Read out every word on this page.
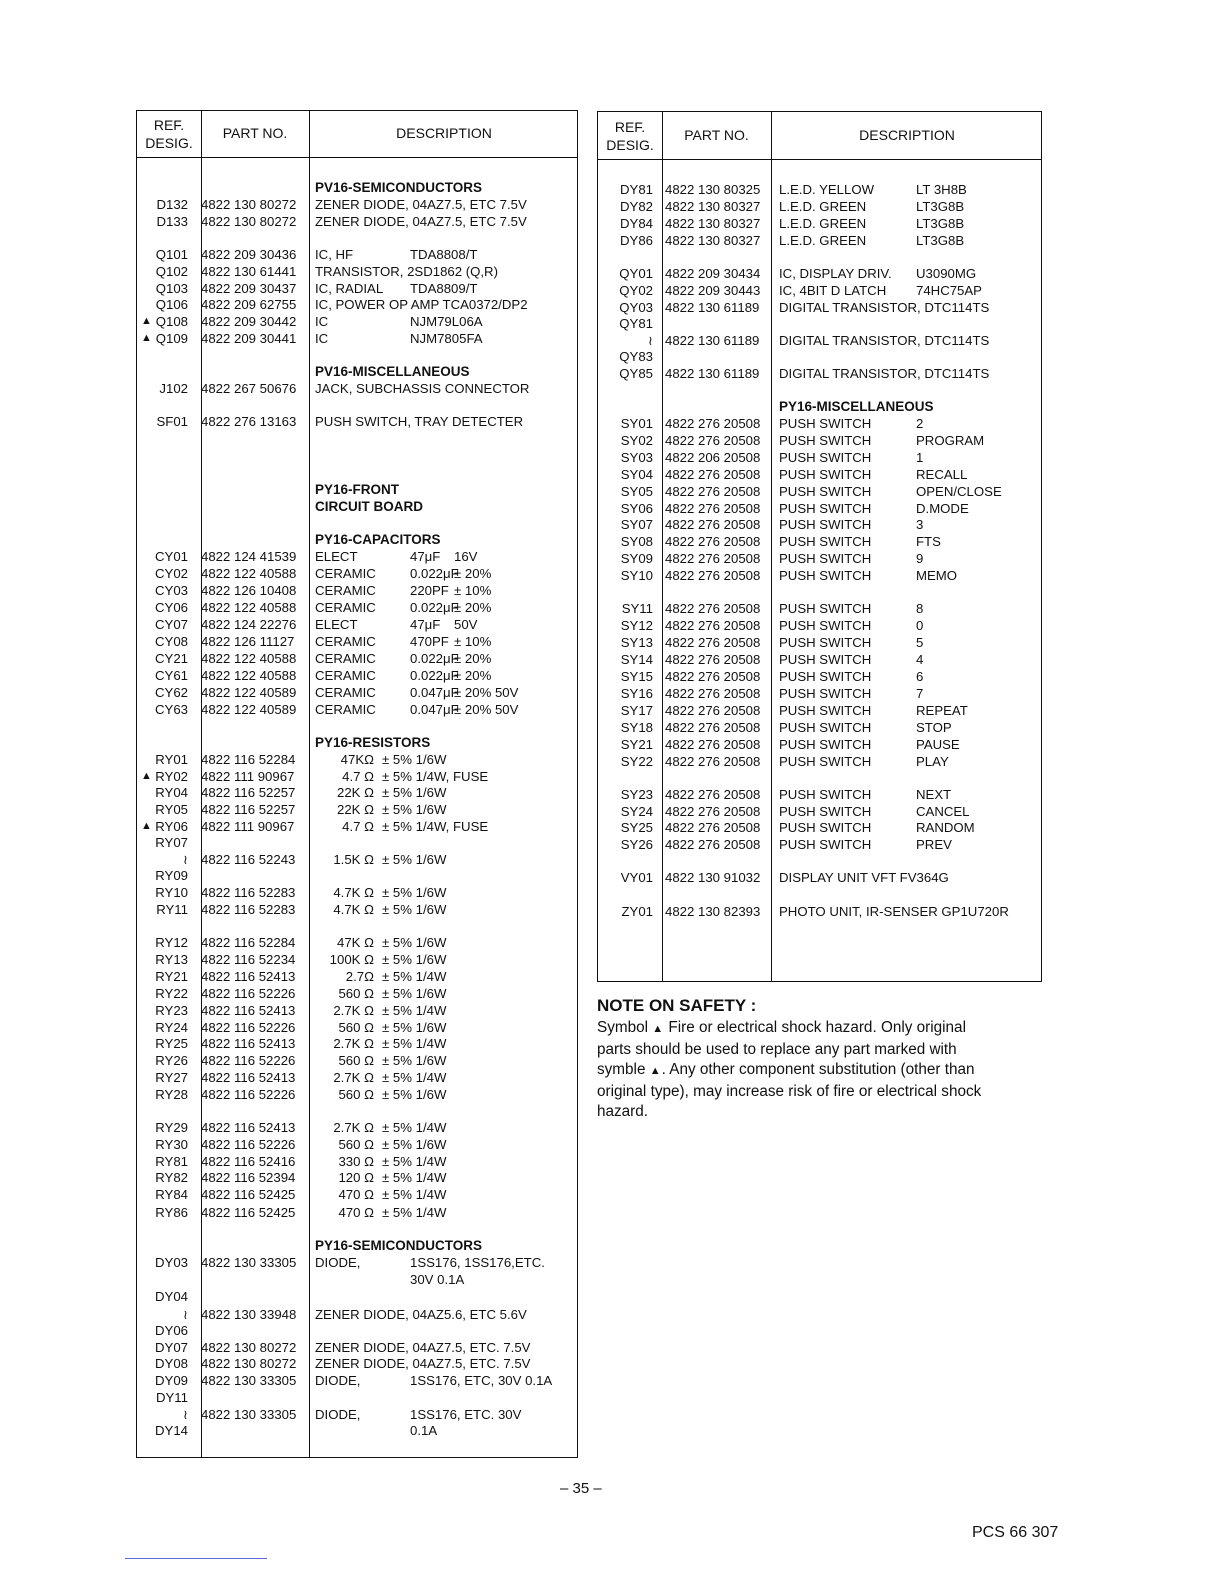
REF.
DESIG.
PART NO.	DESCRIPTION
PV16-SEMICONDUCTORS
D132 4822 130 80272 ZENER DIODE, 04AZ7.5, ETC 7.5V
D133 4822 130 80272 ZENER DIODE, 04AZ7.5, ETC 7.5V
Q101 4822 209 30436 IC, HF	TDA8808/T
Q102 4822 130 61441 TRANSISTOR, 2SD1862 (Q,R)
Q103 4822 209 30437 IC, RADIAL TDA8809/T
Q106 4822 209 62755 IC, POWER OP AMP TCA0372/DP2
▲ Q108 4822 209 30442 IC	NJM79L06A
▲ Q109 4822 209 30441 IC	NJM7805FA
PV16-MISCELLANEOUS
J102 4822 267 50676 JACK, SUBCHASSIS CONNECTOR
SF01 4822 276 13163 PUSH SWITCH, TRAY DETECTER
PY16-FRONT
CIRCUIT BOARD
PY16-CAPACITORS
CY01 4822 124 41539 ELECT	47μF 16V
CY02 4822 122 40588 CERAMIC	0.022μF
± 20%
CY03 4822 126 10408 CERAMIC	220PF ± 10%
CY06 4822 122 40588 CERAMIC	0.022μF
± 20%
CY07 4822 124 22276 ELECT	47μF 50V
CY08 4822 126 11127 CERAMIC	470PF ± 10%
CY21 4822 122 40588 CERAMIC	0.022μF
± 20%
CY61 4822 122 40588 CERAMIC	0.022μF
± 20%
CY62 4822 122 40589 CERAMIC	0.047μF
± 20% 50V
CY63 4822 122 40589 CERAMIC	0.047μF
± 20% 50V
PY16-RESISTORS
RY01 4822 116 52284	47KΩ ± 5% 1/6W
▲ RY02 4822 111 90967	4.7 Ω ± 5% 1/4W, FUSE
RY04 4822 116 52257	22K Ω ± 5% 1/6W
RY05 4822 116 52257	22K Ω ± 5% 1/6W
▲ RY06 4822 111 90967	4.7 Ω ± 5% 1/4W, FUSE
RY07
≀ 4822 116 52243	1.5K Ω ± 5% 1/6W
RY09
RY10 4822 116 52283	4.7K Ω ± 5% 1/6W
RY11 4822 116 52283	4.7K Ω ± 5% 1/6W
RY12 4822 116 52284	47K Ω ± 5% 1/6W
RY13 4822 116 52234	100K Ω ± 5% 1/6W
RY21 4822 116 52413	2.7Ω ± 5% 1/4W
RY22 4822 116 52226	560 Ω ± 5% 1/6W
RY23 4822 116 52413	2.7K Ω ± 5% 1/4W
RY24 4822 116 52226	560 Ω ± 5% 1/6W
RY25 4822 116 52413	2.7K Ω ± 5% 1/4W
RY26 4822 116 52226	560 Ω ± 5% 1/6W
RY27 4822 116 52413	2.7K Ω ± 5% 1/4W
RY28 4822 116 52226	560 Ω ± 5% 1/6W
RY29 4822 116 52413	2.7K Ω ± 5% 1/4W
RY30 4822 116 52226	560 Ω ± 5% 1/6W
RY81 4822 116 52416	330 Ω ± 5% 1/4W
RY82 4822 116 52394	120 Ω ± 5% 1/4W
RY84 4822 116 52425	470 Ω ± 5% 1/4W
RY86 4822 116 52425	470 Ω ± 5% 1/4W
PY16-SEMICONDUCTORS
DY03 4822 130 33305 DIODE,	1SS176, 1SS176,ETC.
30V 0.1A
DY04
≀ 4822 130 33948 ZENER DIODE, 04AZ5.6, ETC 5.6V
DY06
DY07 4822 130 80272 ZENER DIODE, 04AZ7.5, ETC. 7.5V
DY08 4822 130 80272 ZENER DIODE, 04AZ7.5, ETC. 7.5V
DY09 4822 130 33305 DIODE,	1SS176, ETC, 30V 0.1A
DY11
≀ 4822 130 33305 DIODE,	1SS176, ETC. 30V
DY14	0.1A
REF.
DESIG.
PART NO.	DESCRIPTION
DY81 4822 130 80325 L.E.D. YELLOW	LT 3H8B
DY82 4822 130 80327 L.E.D. GREEN	LT3G8B
DY84 4822 130 80327 L.E.D. GREEN	LT3G8B
DY86 4822 130 80327 L.E.D. GREEN	LT3G8B
QY01 4822 209 30434 IC, DISPLAY DRIV. U3090MG
QY02 4822 209 30443 IC, 4BIT D LATCH 74HC75AP
QY03 4822 130 61189 DIGITAL TRANSISTOR, DTC114TS
QY81
≀ 4822 130 61189 DIGITAL TRANSISTOR, DTC114TS
QY83
QY85 4822 130 61189 DIGITAL TRANSISTOR, DTC114TS
PY16-MISCELLANEOUS
SY01 4822 276 20508 PUSH SWITCH	2
SY02 4822 276 20508 PUSH SWITCH	PROGRAM
SY03 4822 206 20508 PUSH SWITCH	1
SY04 4822 276 20508 PUSH SWITCH	RECALL
SY05 4822 276 20508 PUSH SWITCH	OPEN/CLOSE
SY06 4822 276 20508 PUSH SWITCH	D.MODE
SY07 4822 276 20508 PUSH SWITCH	3
SY08 4822 276 20508 PUSH SWITCH	FTS
SY09 4822 276 20508 PUSH SWITCH	9
SY10 4822 276 20508 PUSH SWITCH	MEMO
SY11 4822 276 20508 PUSH SWITCH	8
SY12 4822 276 20508 PUSH SWITCH	0
SY13 4822 276 20508 PUSH SWITCH	5
SY14 4822 276 20508 PUSH SWITCH	4
SY15 4822 276 20508 PUSH SWITCH	6
SY16 4822 276 20508 PUSH SWITCH	7
SY17 4822 276 20508 PUSH SWITCH	REPEAT
SY18 4822 276 20508 PUSH SWITCH	STOP
SY21 4822 276 20508 PUSH SWITCH	PAUSE
SY22 4822 276 20508 PUSH SWITCH	PLAY
SY23 4822 276 20508 PUSH SWITCH	NEXT
SY24 4822 276 20508 PUSH SWITCH	CANCEL
SY25 4822 276 20508 PUSH SWITCH	RANDOM
SY26 4822 276 20508 PUSH SWITCH	PREV
VY01 4822 130 91032 DISPLAY UNIT VFT FV364G
ZY01 4822 130 82393 PHOTO UNIT, IR-SENSER GP1U720R
NOTE ON SAFETY :
Symbol ▲ Fire or electrical shock hazard. Only original
parts should be used to replace any part marked with
symble ▲. Any other component substitution (other than
original type), may increase risk of fire or electrical shock
hazard.
– 35 –
PCS 66 307
